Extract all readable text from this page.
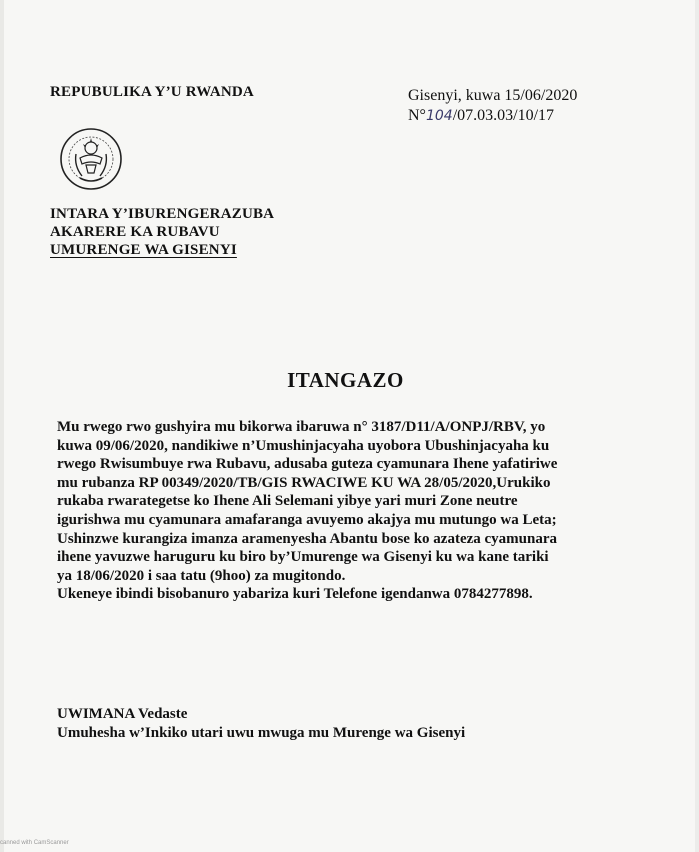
REPUBULIKA Y’U RWANDA	Gisenyi, kuwa 15/06/2020
N°104/07.03.03/10/17
INTARA Y’IBURENGERAZUBA
AKARERE KA RUBAVU
UMURENGE WA GISENYI
ITANGAZO
Mu rwego rwo gushyira mu bikorwa ibaruwa n° 3187/D11/A/ONPJ/RBV, yo
kuwa 09/06/2020, nandikiwe n’Umushinjacyaha uyobora Ubushinjacyaha ku
rwego Rwisumbuye rwa Rubavu, adusaba guteza cyamunara Ihene yafatiriwe
mu rubanza RP 00349/2020/TB/GIS RWACIWE KU WA 28/05/2020,Urukiko
rukaba rwarategetse ko Ihene Ali Selemani yibye yari muri Zone neutre
igurishwa mu cyamunara amafaranga avuyemo akajya mu mutungo wa Leta;
Ushinzwe kurangiza imanza aramenyesha Abantu bose ko azateza cyamunara
ihene yavuzwe haruguru ku biro by’Umurenge wa Gisenyi ku wa kane tariki
ya 18/06/2020 i saa tatu (9hoo) za mugitondo.
Ukeneye ibindi bisobanuro yabariza kuri Telefone igendanwa 0784277898.
UWIMANA Vedaste
Umuhesha w’Inkiko utari uwu mwuga mu Murenge wa Gisenyi
canned with CamScanner
